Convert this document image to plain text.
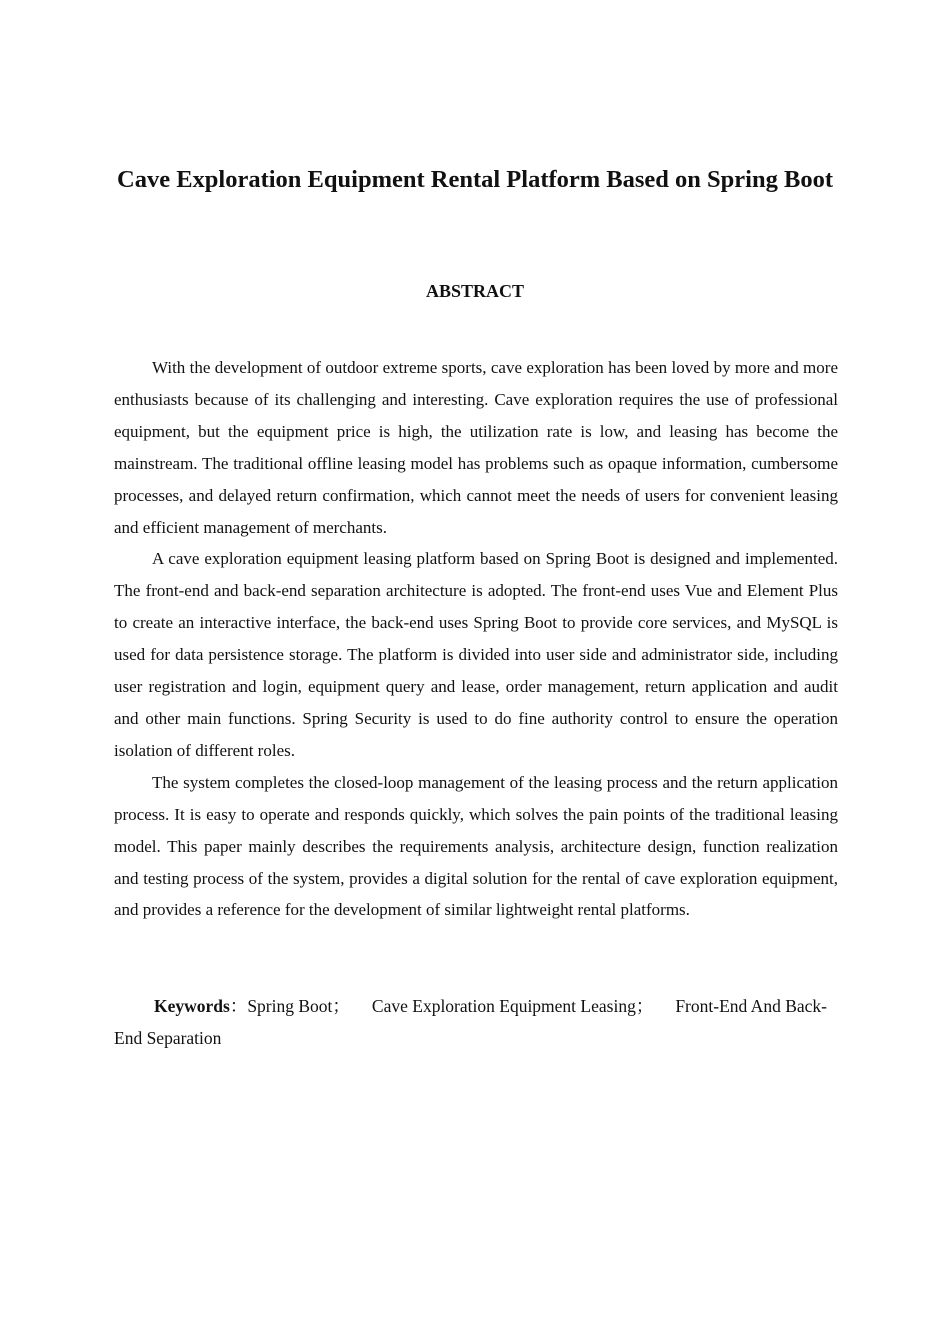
Cave Exploration Equipment Rental Platform Based on Spring Boot
ABSTRACT

With the development of outdoor extreme sports, cave exploration has been loved by more and more enthusiasts because of its challenging and interesting. Cave exploration requires the use of professional equipment, but the equipment price is high, the utilization rate is low, and leasing has become the mainstream. The traditional offline leasing model has problems such as opaque information, cumbersome processes, and delayed return confirmation, which cannot meet the needs of users for convenient leasing and efficient management of merchants.

A cave exploration equipment leasing platform based on Spring Boot is designed and implemented. The front-end and back-end separation architecture is adopted. The front-end uses Vue and Element Plus to create an interactive interface, the back-end uses Spring Boot to provide core services, and MySQL is used for data persistence storage. The platform is divided into user side and administrator side, including user registration and login, equipment query and lease, order management, return application and audit and other main functions. Spring Security is used to do fine authority control to ensure the operation isolation of different roles.

The system completes the closed-loop management of the leasing process and the return application process. It is easy to operate and responds quickly, which solves the pain points of the traditional leasing model. This paper mainly describes the requirements analysis, architecture design, function realization and testing process of the system, provides a digital solution for the rental of cave exploration equipment, and provides a reference for the development of similar lightweight rental platforms.

Keywords：Spring Boot； Cave Exploration Equipment Leasing； Front-End And Back-End Separation
